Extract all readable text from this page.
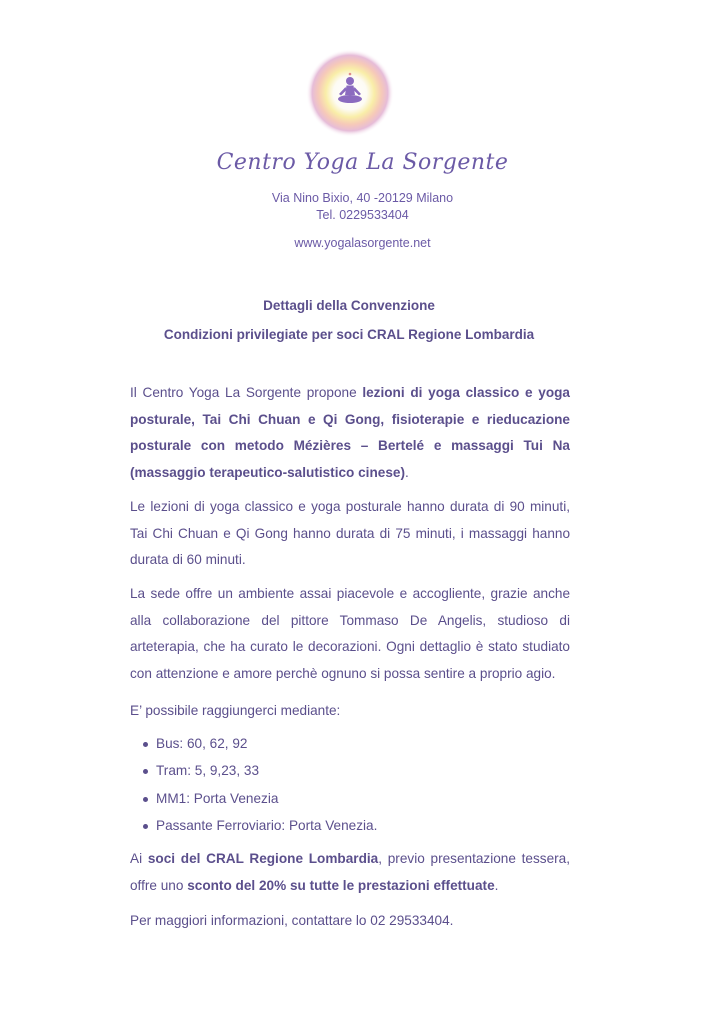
Centro Yoga La Sorgente
Via Nino Bixio, 40 -20129 Milano
Tel. 0229533404
www.yogalasorgente.net
Dettagli della Convenzione
Condizioni privilegiate per soci CRAL Regione Lombardia
Il Centro Yoga La Sorgente propone lezioni di yoga classico e yoga posturale, Tai Chi Chuan e Qi Gong, fisioterapie e rieducazione posturale con metodo Mézières – Bertelé e massaggi Tui Na (massaggio terapeutico-salutistico cinese).
Le lezioni di yoga classico e yoga posturale hanno durata di 90 minuti, Tai Chi Chuan e Qi Gong hanno durata di 75 minuti, i massaggi hanno durata di 60 minuti.
La sede offre un ambiente assai piacevole e accogliente, grazie anche alla collaborazione del pittore Tommaso De Angelis, studioso di arteterapia, che ha curato le decorazioni. Ogni dettaglio è stato studiato con attenzione e amore perchè ognuno si possa sentire a proprio agio.
E’ possibile raggiungerci mediante:
Bus: 60, 62, 92
Tram: 5, 9,23, 33
MM1: Porta Venezia
Passante Ferroviario: Porta Venezia.
Ai soci del CRAL Regione Lombardia, previo presentazione tessera, offre uno sconto del 20% su tutte le prestazioni effettuate.
Per maggiori informazioni, contattare lo 02 29533404.
